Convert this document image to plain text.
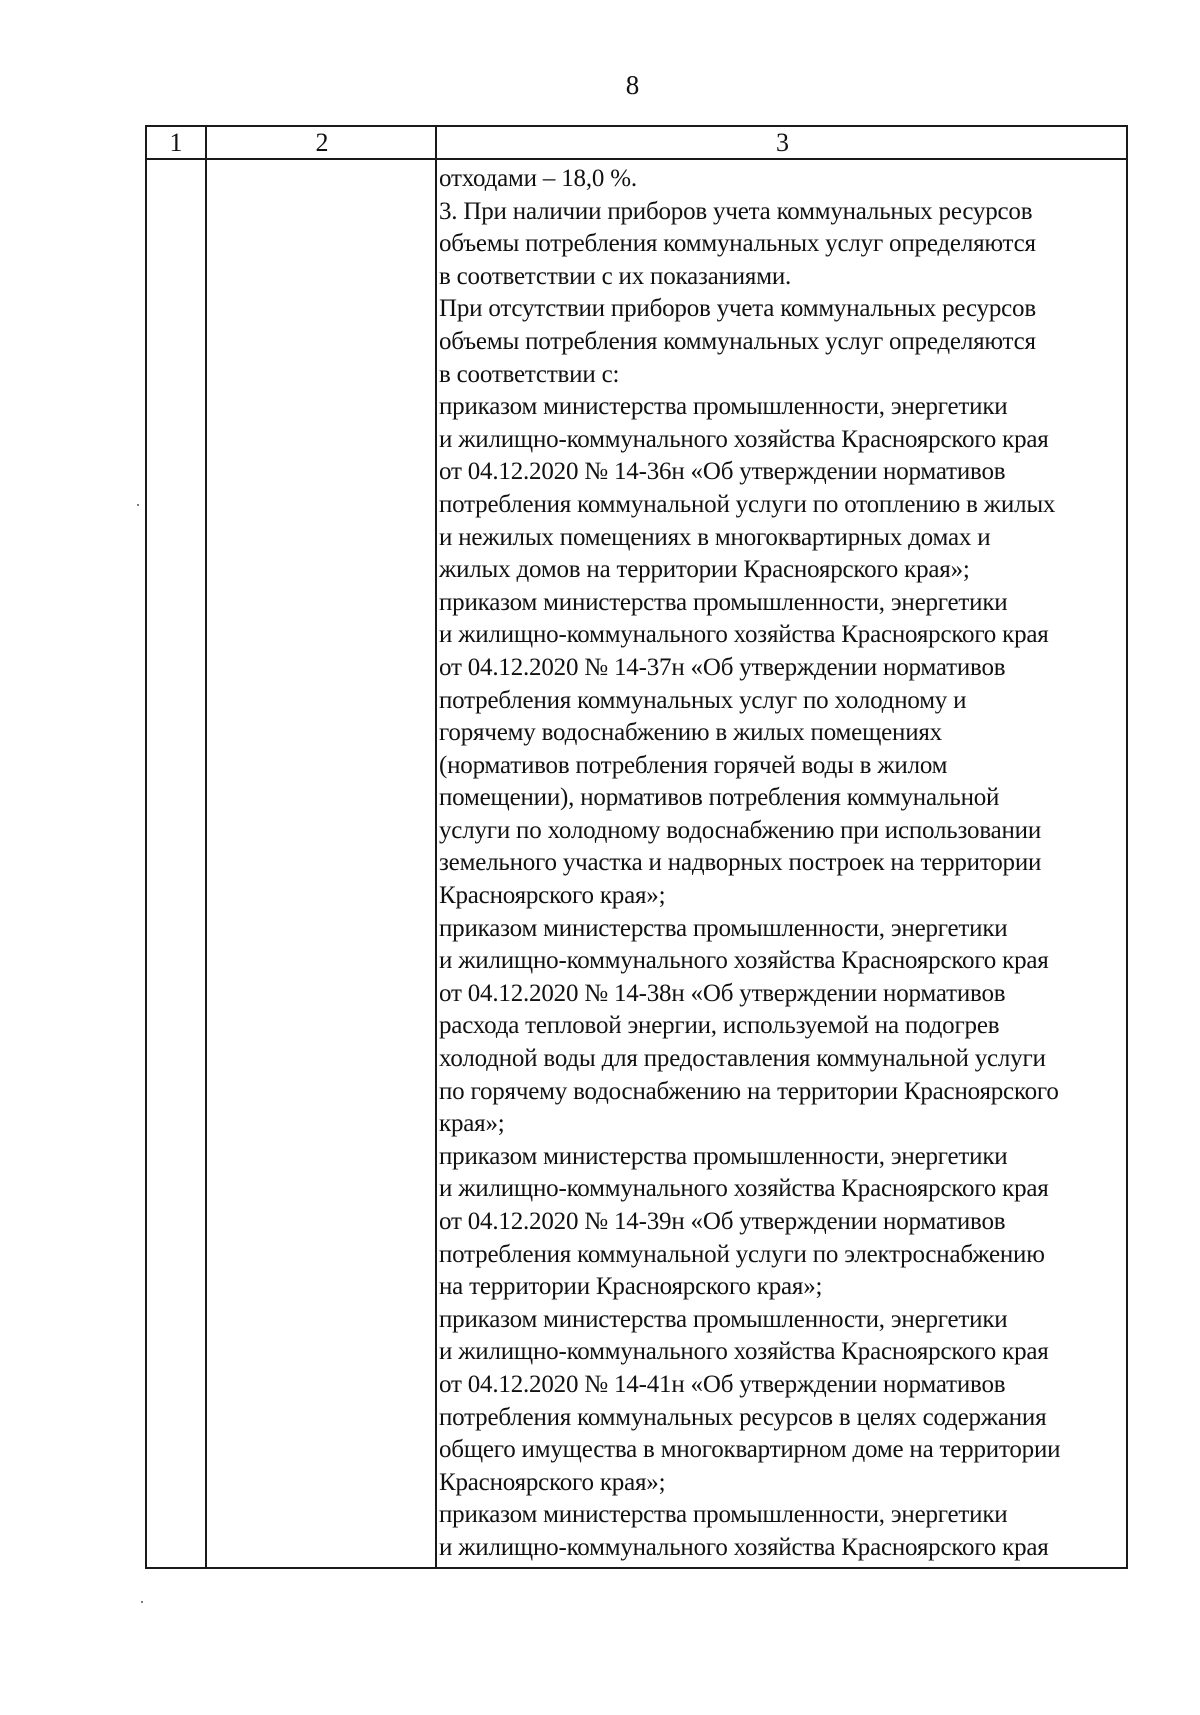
8
1	2	3
отходами – 18,0 %.
3. При наличии приборов учета коммунальных ресурсов
объемы потребления коммунальных услуг определяются
в соответствии с их показаниями.
При отсутствии приборов учета коммунальных ресурсов
объемы потребления коммунальных услуг определяются
в соответствии с:
приказом министерства промышленности, энергетики
и жилищно-коммунального хозяйства Красноярского края
от 04.12.2020 № 14-36н «Об утверждении нормативов
потребления коммунальной услуги по отоплению в жилых
и нежилых помещениях в многоквартирных домах и
жилых домов на территории Красноярского края»;
приказом министерства промышленности, энергетики
и жилищно-коммунального хозяйства Красноярского края
от 04.12.2020 № 14-37н «Об утверждении нормативов
потребления коммунальных услуг по холодному и
горячему водоснабжению в жилых помещениях
(нормативов потребления горячей воды в жилом
помещении), нормативов потребления коммунальной
услуги по холодному водоснабжению при использовании
земельного участка и надворных построек на территории
Красноярского края»;
приказом министерства промышленности, энергетики
и жилищно-коммунального хозяйства Красноярского края
от 04.12.2020 № 14-38н «Об утверждении нормативов
расхода тепловой энергии, используемой на подогрев
холодной воды для предоставления коммунальной услуги
по горячему водоснабжению на территории Красноярского
края»;
приказом министерства промышленности, энергетики
и жилищно-коммунального хозяйства Красноярского края
от 04.12.2020 № 14-39н «Об утверждении нормативов
потребления коммунальной услуги по электроснабжению
на территории Красноярского края»;
приказом министерства промышленности, энергетики
и жилищно-коммунального хозяйства Красноярского края
от 04.12.2020 № 14-41н «Об утверждении нормативов
потребления коммунальных ресурсов в целях содержания
общего имущества в многоквартирном доме на территории
Красноярского края»;
приказом министерства промышленности, энергетики
и жилищно-коммунального хозяйства Красноярского края
